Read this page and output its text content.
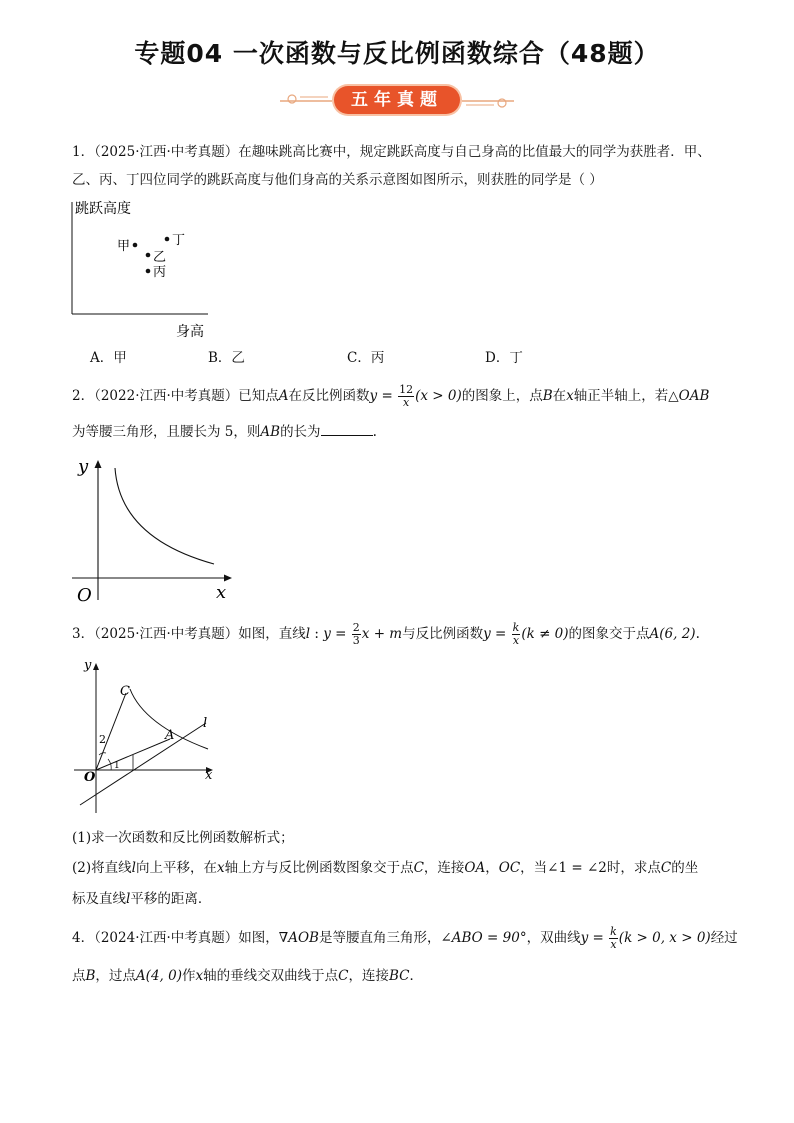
专题04 一次函数与反比例函数综合（48题）
五年真题
1．（2025·江西·中考真题）在趣味跳高比赛中，规定跳跃高度与自己身高的比值最大的同学为获胜者．甲、
乙、丙、丁四位同学的跳跃高度与他们身高的关系示意图如图所示，则获胜的同学是（ ）
跳跃高度
身高
甲
乙
丙
丁
A．甲	B．乙	C．丙	D．丁
2．（2022·江西·中考真题）已知点A在反比例函数$y = \frac{12}{x} (x > 0)$的图象上，点B在x轴正半轴上，若△OAB
为等腰三角形，且腰长为 5，则AB的长为	.
y
x
O
3．（2025·江西·中考真题）如图，直线l : $y = \frac{2}{3}$ x + m与反比例函数$y = \frac{k}{x} (k \ne 0)$的图象交于点A(6, 2).
y
x
O
C
A
l
2
1
(1)求一次函数和反比例函数解析式；
(2)将直线l向上平移，在x轴上方与反比例函数图象交于点C，连接OA，OC，当∠1 = ∠2时，求点C的坐
标及直线l平移的距离．
4．（2024·江西·中考真题）如图，∇AOB是等腰直角三角形，∠ABO = 90°，双曲线$y = \frac{k}{x} (k > 0$, x > 0)经过
点B，过点A(4, 0)作x轴的垂线交双曲线于点C，连接BC．
